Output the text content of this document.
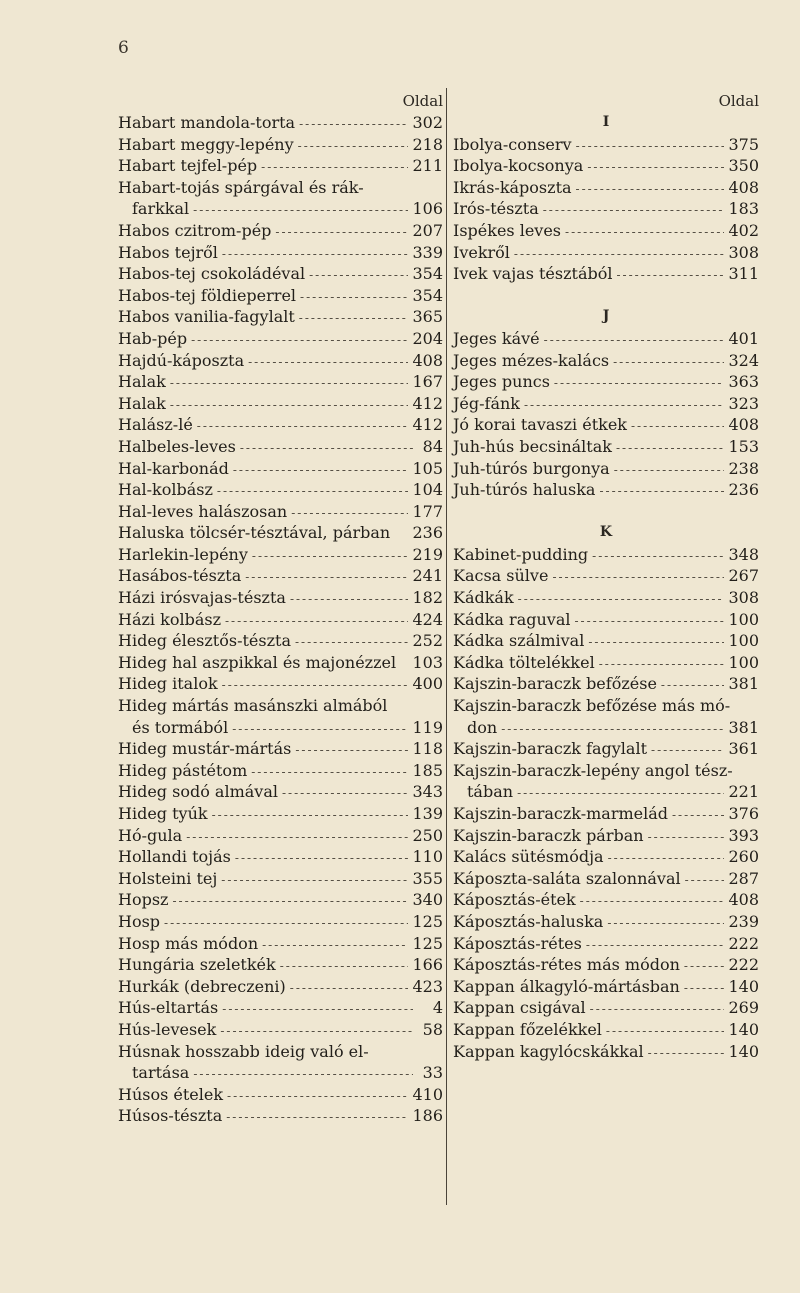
6
Oldal
Habart mandola-torta -----	302
Habart meggy-lepény -----	218
Habart tejfel-pép -----	211
Habart-tojás spárgával és rák-
farkkal -----	106
Habos czitrom-pép -----	207
Habos tejről -----	339
Habos-tej csokoládéval -----	354
Habos-tej földieperrel -----	354
Habos vanilia-fagylalt -----	365
Hab-pép -----	204
Hajdú-káposzta -----	408
Halak -----	167
Halak -----	412
Halász-lé -----	412
Halbeles-leves -----	84
Hal-karbonád -----	105
Hal-kolbász -----	104
Hal-leves halászosan -----	177
Haluska tölcsér-tésztával, párban 236
Harlekin-lepény -----	219
Hasábos-tészta -----	241
Házi irósvajas-tészta -----	182
Házi kolbász -----	424
Hideg élesztős-tészta -----	252
Hideg hal aszpikkal és majonézzel 103
Hideg italok -----	400
Hideg mártás masánszki almából
és tormából -----	119
Hideg mustár-mártás -----	118
Hideg pástétom -----	185
Hideg sodó almával -----	343
Hideg tyúk -----	139
Hó-gula -----	250
Hollandi tojás -----	110
Holsteini tej -----	355
Hopsz -----	340
Hosp -----	125
Hosp más módon -----	125
Hungária szeletkék -----	166
Hurkák (debreczeni) -----	423
Hús-eltartás -----	4
Hús-levesek -----	58
Húsnak hosszabb ideig való el-
tartása -----	33
Húsos ételek -----	410
Húsos-tészta -----	186
Oldal
I
Ibolya-conserv -----	375
Ibolya-kocsonya -----	350
Ikrás-káposzta -----	408
Irós-tészta -----	183
Ispékes leves -----	402
Ivekről -----	308
Ivek vajas tésztából -----	311
J
Jeges kávé -----	401
Jeges mézes-kalács -----	324
Jeges puncs -----	363
Jég-fánk -----	323
Jó korai tavaszi étkek -----	408
Juh-hús becsináltak -----	153
Juh-túrós burgonya -----	238
Juh-túrós haluska -----	236
K
Kabinet-pudding -----	348
Kacsa sülve -----	267
Kádkák -----	308
Kádka raguval -----	100
Kádka szálmival -----	100
Kádka töltelékkel -----	100
Kajszin-baraczk befőzése -----	381
Kajszin-baraczk befőzése más mó-
don -----	381
Kajszin-baraczk fagylalt -----	361
Kajszin-baraczk-lepény angol tész-
tában -----	221
Kajszin-baraczk-marmelád -----	376
Kajszin-baraczk párban -----	393
Kalács sütésmódja -----	260
Káposzta-saláta szalonnával -----	287
Káposztás-étek -----	408
Káposztás-haluska -----	239
Káposztás-rétes -----	222
Káposztás-rétes más módon -----	222
Kappan álkagyló-mártásban -----	140
Kappan csigával -----	269
Kappan főzelékkel -----	140
Kappan kagylócskákkal -----	140
